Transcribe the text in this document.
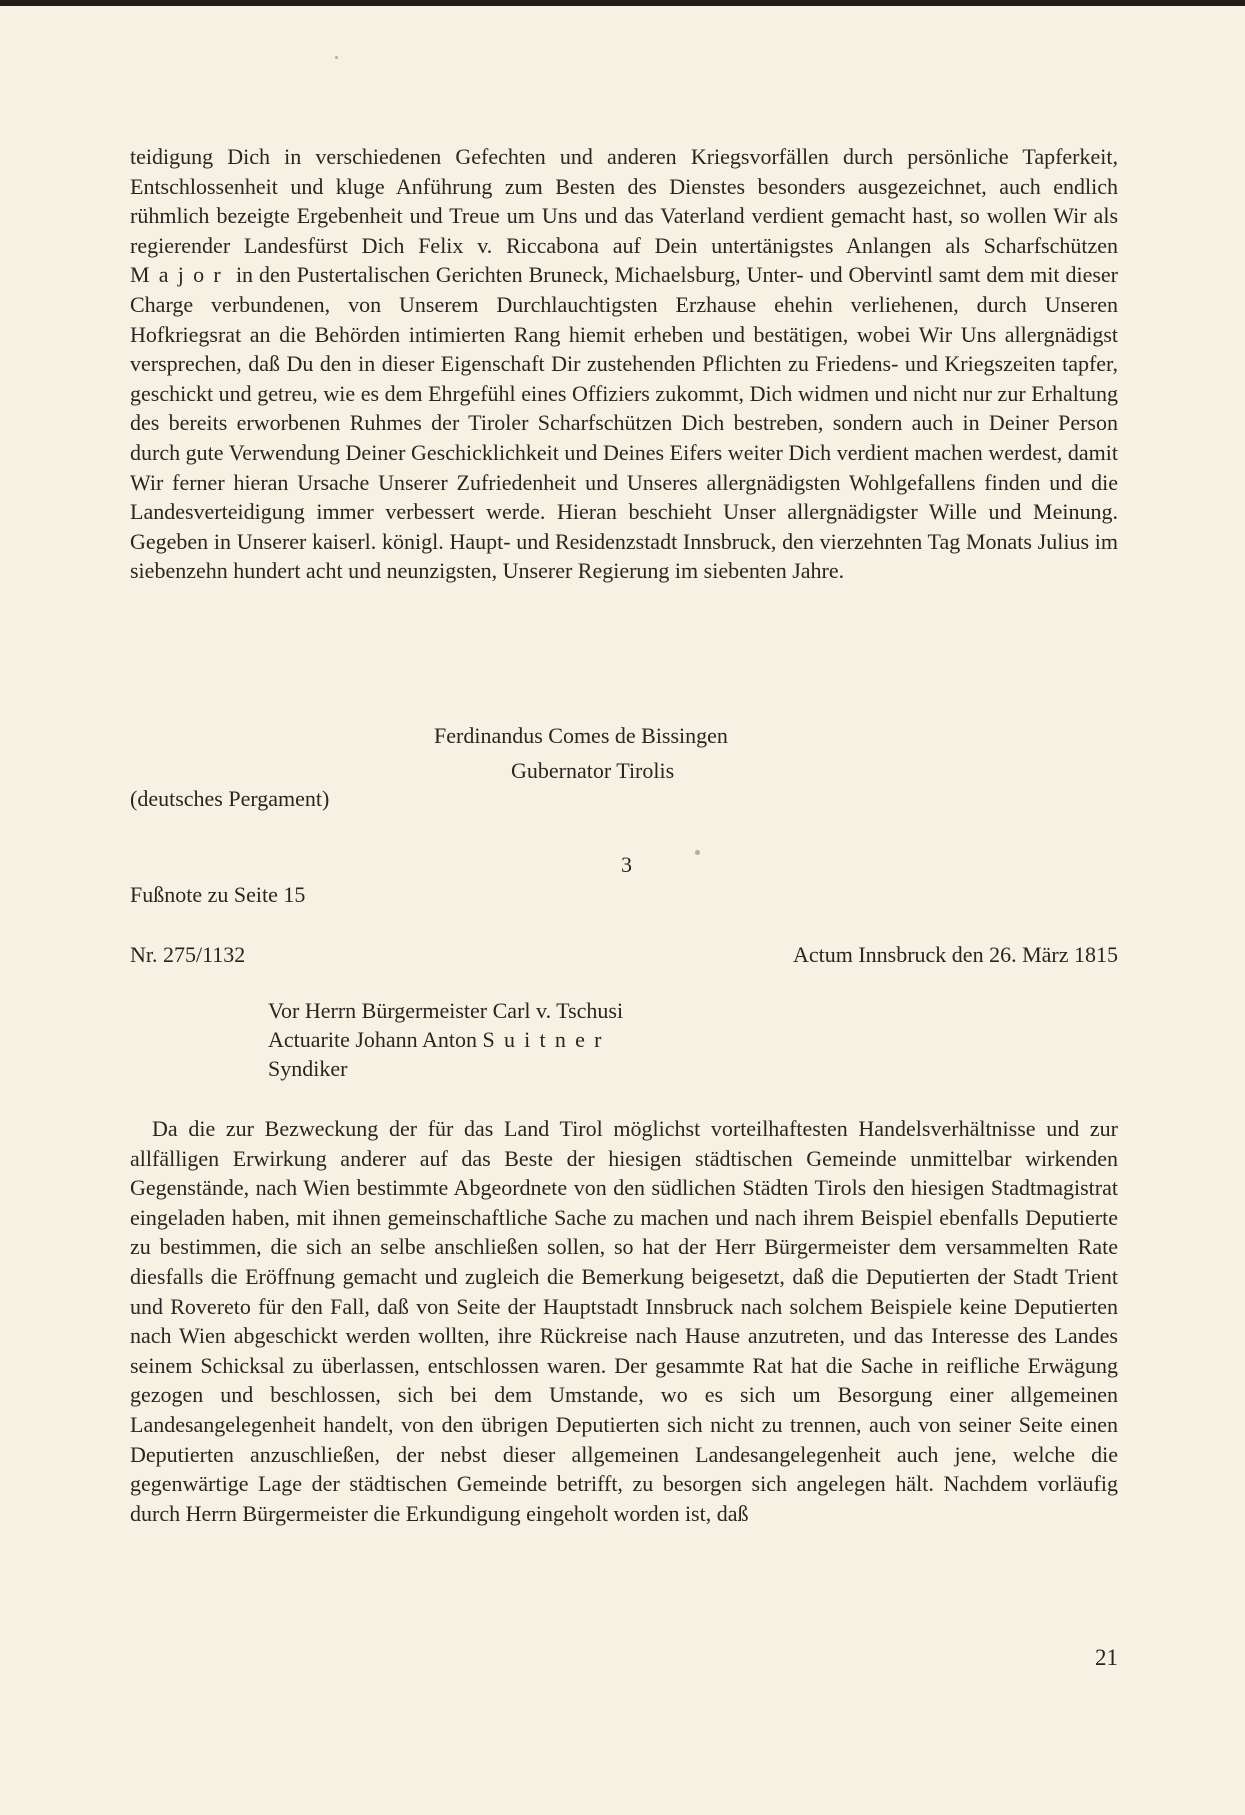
teidigung Dich in verschiedenen Gefechten und anderen Kriegsvorfällen durch persönliche Tapferkeit, Entschlossenheit und kluge Anführung zum Besten des Dienstes besonders ausgezeichnet, auch endlich rühmlich bezeigte Ergebenheit und Treue um Uns und das Vaterland verdient gemacht hast, so wollen Wir als regierender Landesfürst Dich Felix v. Riccabona auf Dein untertänigstes Anlangen als Scharfschützen Major in den Pustertalischen Gerichten Bruneck, Michaelsburg, Unter- und Obervintl samt dem mit dieser Charge verbundenen, von Unserem Durchlauchtigsten Erzhause ehehin verliehenen, durch Unseren Hofkriegsrat an die Behörden intimierten Rang hiemit erheben und bestätigen, wobei Wir Uns allergnädigst versprechen, daß Du den in dieser Eigenschaft Dir zustehenden Pflichten zu Friedens- und Kriegszeiten tapfer, geschickt und getreu, wie es dem Ehrgefühl eines Offiziers zukommt, Dich widmen und nicht nur zur Erhaltung des bereits erworbenen Ruhmes der Tiroler Scharfschützen Dich bestreben, sondern auch in Deiner Person durch gute Verwendung Deiner Geschicklichkeit und Deines Eifers weiter Dich verdient machen werdest, damit Wir ferner hieran Ursache Unserer Zufriedenheit und Unseres allergnädigsten Wohlgefallens finden und die Landesverteidigung immer verbessert werde. Hieran beschieht Unser allergnädigster Wille und Meinung. Gegeben in Unserer kaiserl. königl. Haupt- und Residenzstadt Innsbruck, den vierzehnten Tag Monats Julius im siebenzehn hundert acht und neunzigsten, Unserer Regierung im siebenten Jahre.
Ferdinandus Comes de Bissingen
Gubernator Tirolis
(deutsches Pergament)
3
Fußnote zu Seite 15
Nr. 275/1132	Actum Innsbruck den 26. März 1815
Vor Herrn Bürgermeister Carl v. Tschusi
Actuarite Johann Anton Suitner
Syndiker
Da die zur Bezweckung der für das Land Tirol möglichst vorteilhaftesten Handelsverhältnisse und zur allfälligen Erwirkung anderer auf das Beste der hiesigen städtischen Gemeinde unmittelbar wirkenden Gegenstände, nach Wien bestimmte Abgeordnete von den südlichen Städten Tirols den hiesigen Stadtmagistrat eingeladen haben, mit ihnen gemeinschaftliche Sache zu machen und nach ihrem Beispiel ebenfalls Deputierte zu bestimmen, die sich an selbe anschließen sollen, so hat der Herr Bürgermeister dem versammelten Rate diesfalls die Eröffnung gemacht und zugleich die Bemerkung beigesetzt, daß die Deputierten der Stadt Trient und Rovereto für den Fall, daß von Seite der Hauptstadt Innsbruck nach solchem Beispiele keine Deputierten nach Wien abgeschickt werden wollten, ihre Rückreise nach Hause anzutreten, und das Interesse des Landes seinem Schicksal zu überlassen, entschlossen waren. Der gesammte Rat hat die Sache in reifliche Erwägung gezogen und beschlossen, sich bei dem Umstande, wo es sich um Besorgung einer allgemeinen Landesangelegenheit handelt, von den übrigen Deputierten sich nicht zu trennen, auch von seiner Seite einen Deputierten anzuschließen, der nebst dieser allgemeinen Landesangelegenheit auch jene, welche die gegenwärtige Lage der städtischen Gemeinde betrifft, zu besorgen sich angelegen hält. Nachdem vorläufig durch Herrn Bürgermeister die Erkundigung eingeholt worden ist, daß
21
